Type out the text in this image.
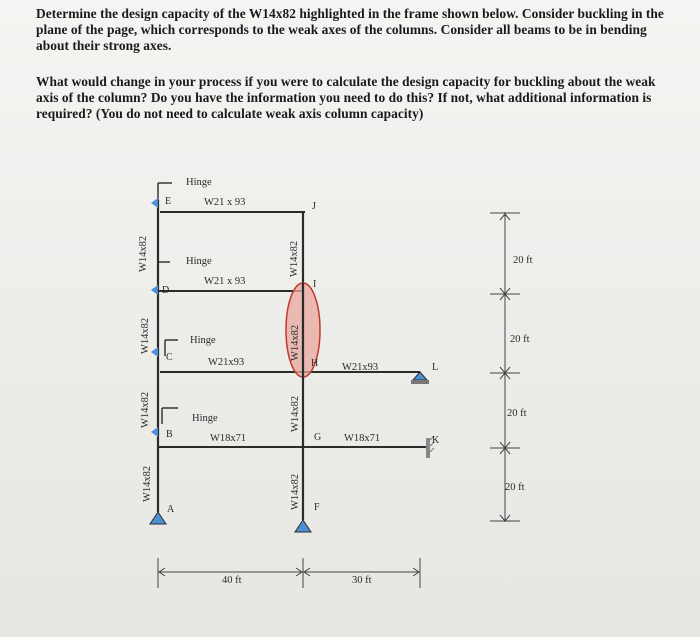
Determine the design capacity of the W14x82 highlighted in the frame shown below. Consider buckling in the plane of the page, which corresponds to the weak axes of the columns. Consider all beams to be in bending about their strong axes.
What would change in your process if you were to calculate the design capacity for buckling about the weak axis of the column? Do you have the information you need to do this? If not, what additional information is required? (You do not need to calculate weak axis column capacity)
E
D
C
B
A
J
I
H
G
F
L
K
Hinge
Hinge
Hinge
Hinge
W21 x 93
W21 x 93
W21x93	W21x93
W18x71	W18x71
W14x82
W14x82
W14x82
W14x82
W14x82
W14x82
W14x82
W14x82
20 ft
20 ft
20 ft
20 ft
40 ft	30 ft
